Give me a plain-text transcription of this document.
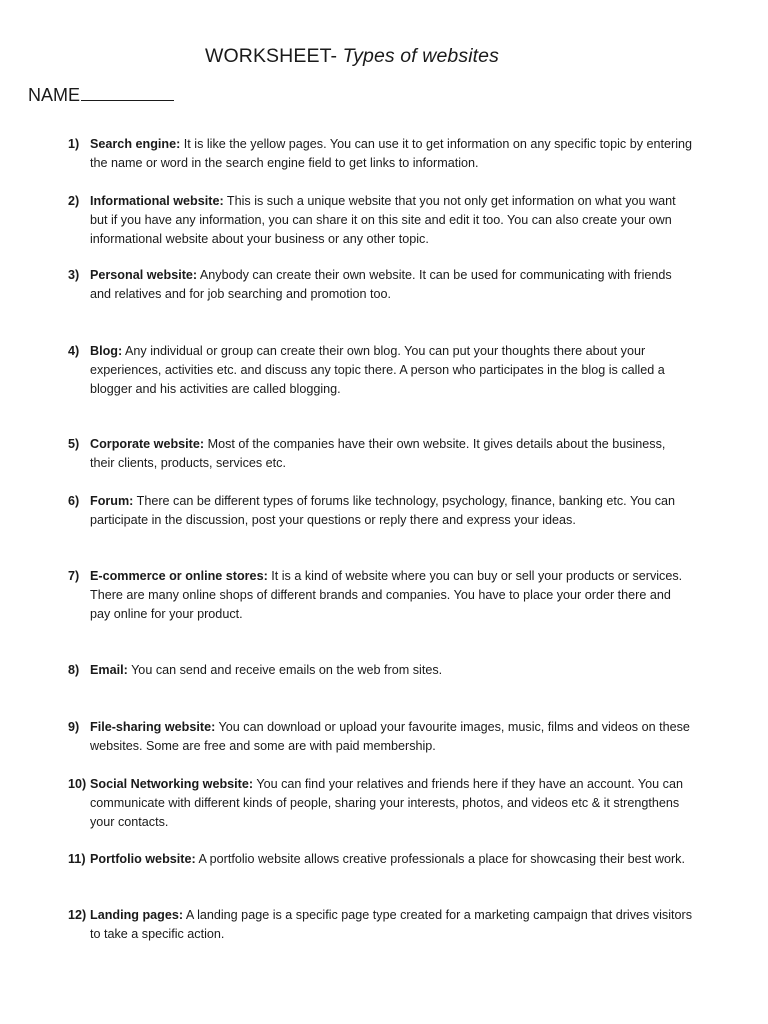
WORKSHEET- Types of websites
NAME
1) Search engine: It is like the yellow pages. You can use it to get information on any specific topic by entering the name or word in the search engine field to get links to information.
2) Informational website: This is such a unique website that you not only get information on what you want but if you have any information, you can share it on this site and edit it too. You can also create your own informational website about your business or any other topic.
3) Personal website: Anybody can create their own website. It can be used for communicating with friends and relatives and for job searching and promotion too.
4) Blog: Any individual or group can create their own blog. You can put your thoughts there about your experiences, activities etc. and discuss any topic there. A person who participates in the blog is called a blogger and his activities are called blogging.
5) Corporate website: Most of the companies have their own website. It gives details about the business, their clients, products, services etc.
6) Forum: There can be different types of forums like technology, psychology, finance, banking etc. You can participate in the discussion, post your questions or reply there and express your ideas.
7) E-commerce or online stores: It is a kind of website where you can buy or sell your products or services. There are many online shops of different brands and companies. You have to place your order there and pay online for your product.
8) Email: You can send and receive emails on the web from sites.
9) File-sharing website: You can download or upload your favourite images, music, films and videos on these websites. Some are free and some are with paid membership.
10) Social Networking website: You can find your relatives and friends here if they have an account. You can communicate with different kinds of people, sharing your interests, photos, and videos etc & it strengthens your contacts.
11) Portfolio website: A portfolio website allows creative professionals a place for showcasing their best work.
12) Landing pages: A landing page is a specific page type created for a marketing campaign that drives visitors to take a specific action.
